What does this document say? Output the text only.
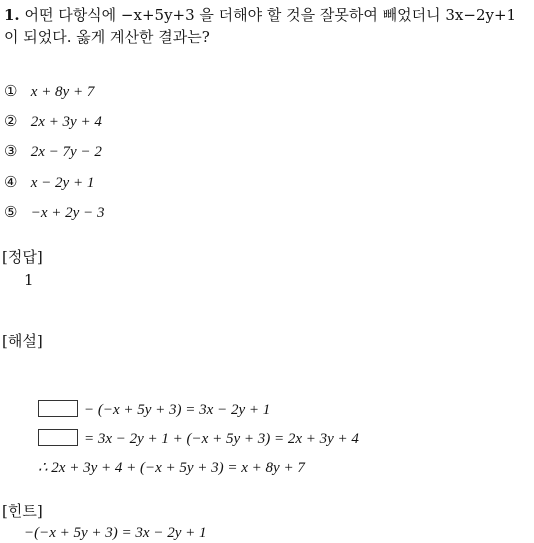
1. 어떤 다항식에 −x+5y+3 을 더해야 할 것을 잘못하여 빼었더니 3x−2y+1
이 되었다. 옳게 계산한 결과는?
① x + 8y + 7
② 2x + 3y + 4
③ 2x − 7y − 2
④ x − 2y + 1
⑤ −x + 2y − 3
[정답]
1
[해설]
− (−x + 5y + 3) = 3x − 2y + 1
= 3x − 2y + 1 + (−x + 5y + 3) = 2x + 3y + 4
∴ 2x + 3y + 4 + (−x + 5y + 3) = x + 8y + 7
[힌트]
−(−x + 5y + 3) = 3x − 2y + 1
